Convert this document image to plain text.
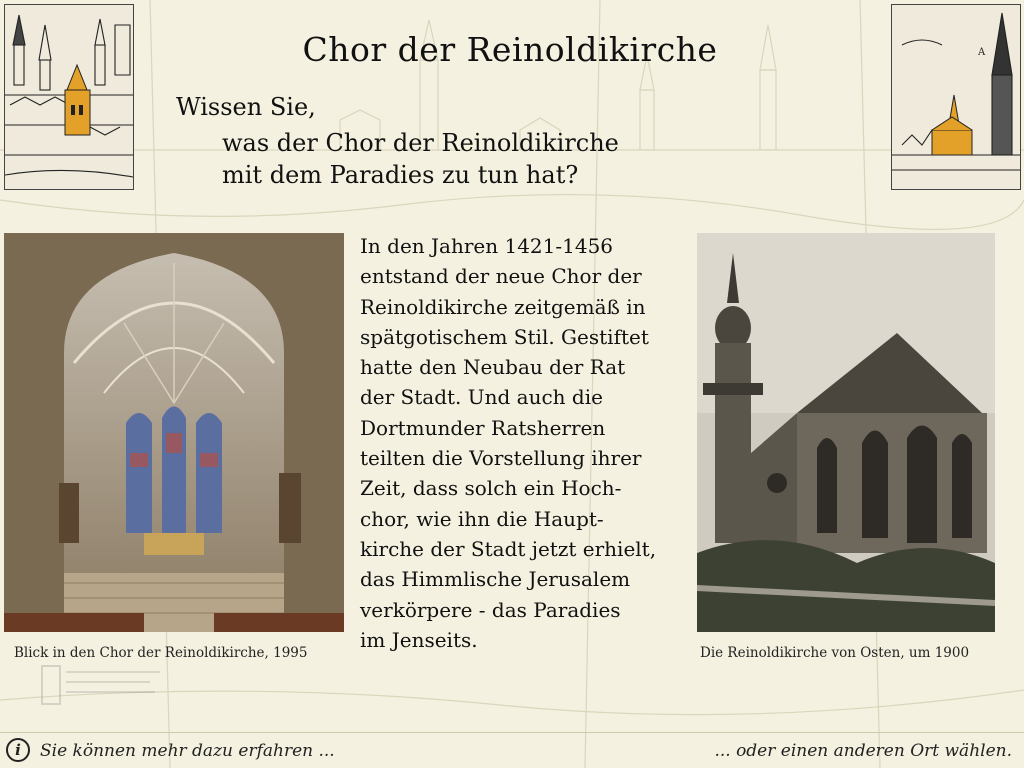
A
Chor der Reinoldikirche
Wissen Sie,
was der Chor der Reinoldikirche
mit dem Paradies zu tun hat?
In den Jahren 1421-1456
entstand der neue Chor der
Reinoldikirche zeitgemäß in
spätgotischem Stil. Gestiftet
hatte den Neubau der Rat
der Stadt. Und auch die
Dortmunder Ratsherren
teilten die Vorstellung ihrer
Zeit, dass solch ein Hoch-
chor, wie ihn die Haupt-
kirche der Stadt jetzt erhielt,
das Himmlische Jerusalem
verkörpere - das Paradies
im Jenseits.
Blick in den Chor der Reinoldikirche, 1995	Die Reinoldikirche von Osten, um 1900
i	Sie können mehr dazu erfahren ...	... oder einen anderen Ort wählen.
